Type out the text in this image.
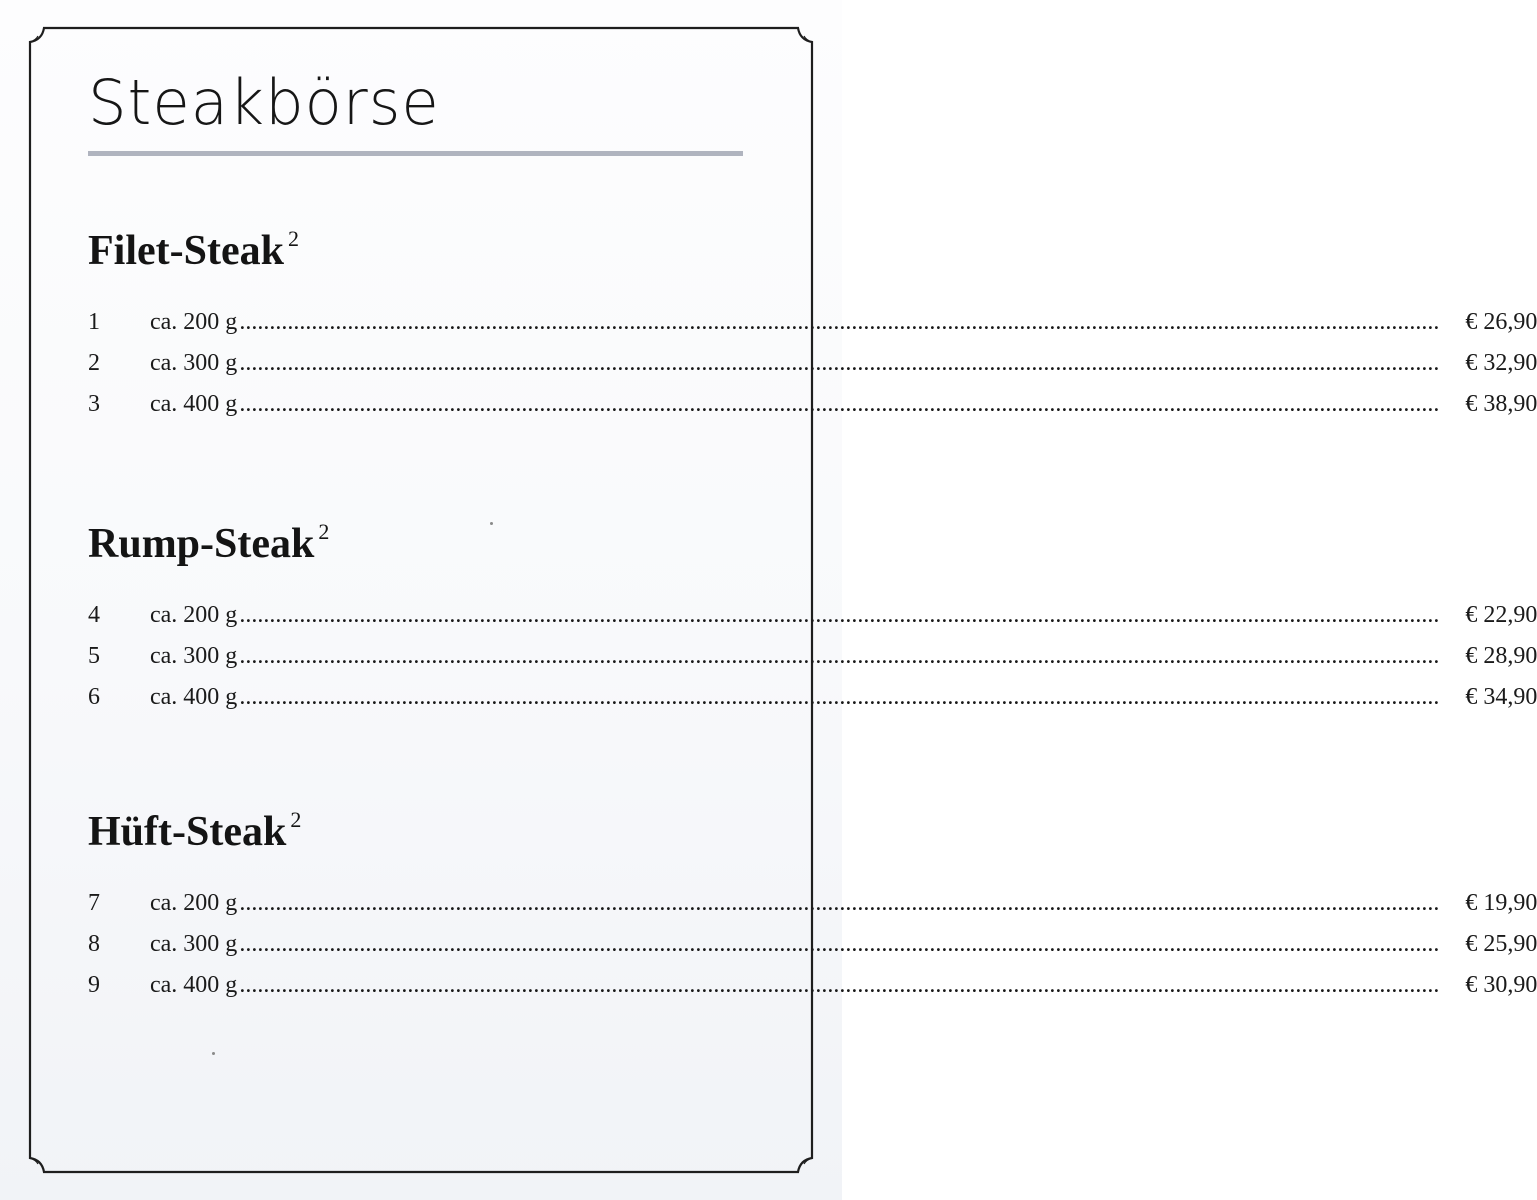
Steakbörse
Filet-Steak $^2$
1	ca. 200 g ........................................................................................................................................................................................................	€ 26,90
2	ca. 300 g ........................................................................................................................................................................................................	€ 32,90
3	ca. 400 g ........................................................................................................................................................................................................	€ 38,90
Rump-Steak $^2$
4	ca. 200 g ........................................................................................................................................................................................................	€ 22,90
5	ca. 300 g ........................................................................................................................................................................................................	€ 28,90
6	ca. 400 g ........................................................................................................................................................................................................	€ 34,90
Hüft-Steak $^2$
7	ca. 200 g ........................................................................................................................................................................................................	€ 19,90
8	ca. 300 g ........................................................................................................................................................................................................	€ 25,90
9	ca. 400 g ........................................................................................................................................................................................................	€ 30,90
